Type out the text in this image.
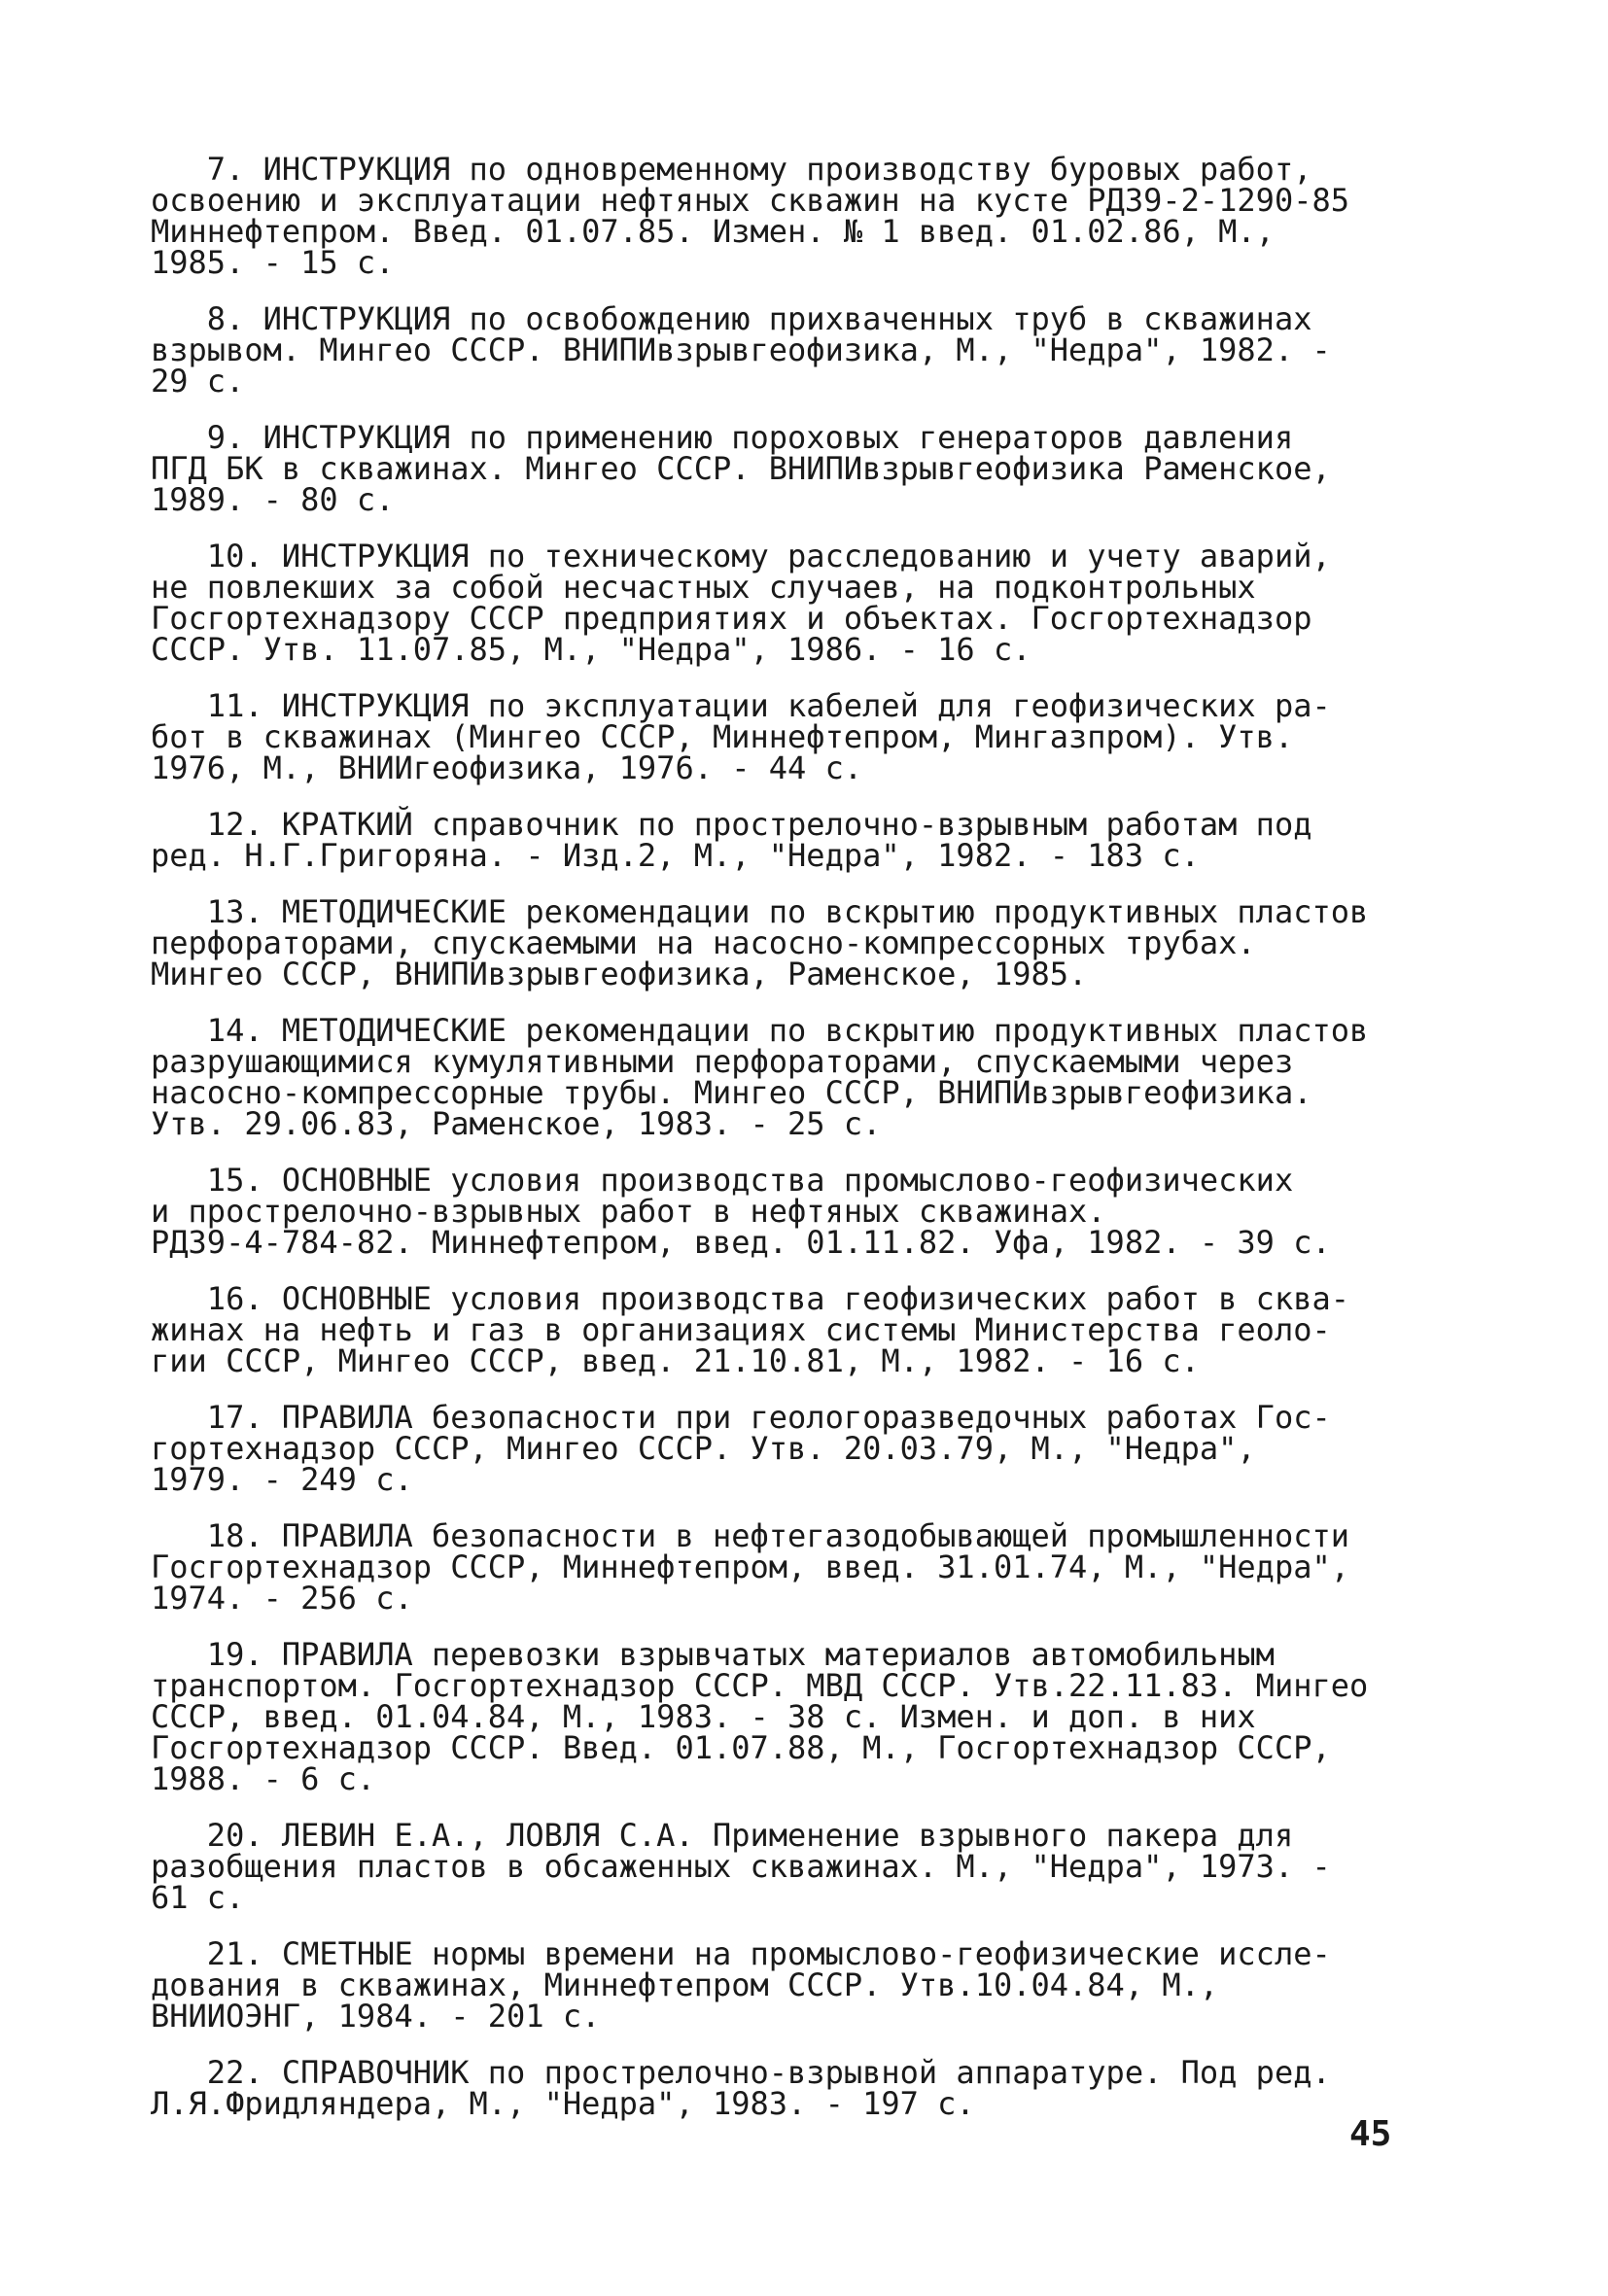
7. ИНСТРУКЦИЯ по одновременному производству буровых работ,
освоению и эксплуатации нефтяных скважин на кусте РД39-2-1290-85
Миннефтепром. Введ. 01.07.85. Измен. № 1 введ. 01.02.86, М.,
1985. - 15 с.
8. ИНСТРУКЦИЯ по освобождению прихваченных труб в скважинах
взрывом. Мингео СССР. ВНИПИвзрывгеофизика, М., "Недра", 1982. -
29 с.
9. ИНСТРУКЦИЯ по применению пороховых генераторов давления
ПГД БК в скважинах. Мингео СССР. ВНИПИвзрывгеофизика Раменское,
1989. - 80 с.
10. ИНСТРУКЦИЯ по техническому расследованию и учету аварий,
не повлекших за собой несчастных случаев, на подконтрольных
Госгортехнадзору СССР предприятиях и объектах. Госгортехнадзор
СССР. Утв. 11.07.85, М., "Недра", 1986. - 16 с.
11. ИНСТРУКЦИЯ по эксплуатации кабелей для геофизических ра-
бот в скважинах (Мингео СССР, Миннефтепром, Мингазпром). Утв.
1976, М., ВНИИгеофизика, 1976. - 44 с.
12. КРАТКИЙ справочник по прострелочно-взрывным работам под
ред. Н.Г.Григоряна. - Изд.2, М., "Недра", 1982. - 183 с.
13. МЕТОДИЧЕСКИЕ рекомендации по вскрытию продуктивных пластов
перфораторами, спускаемыми на насосно-компрессорных трубах.
Мингео СССР, ВНИПИвзрывгеофизика, Раменское, 1985.
14. МЕТОДИЧЕСКИЕ рекомендации по вскрытию продуктивных пластов
разрушающимися кумулятивными перфораторами, спускаемыми через
насосно-компрессорные трубы. Мингео СССР, ВНИПИвзрывгеофизика.
Утв. 29.06.83, Раменское, 1983. - 25 с.
15. ОСНОВНЫЕ условия производства промыслово-геофизических
и прострелочно-взрывных работ в нефтяных скважинах.
РД39-4-784-82. Миннефтепром, введ. 01.11.82. Уфа, 1982. - 39 с.
16. ОСНОВНЫЕ условия производства геофизических работ в сква-
жинах на нефть и газ в организациях системы Министерства геоло-
гии СССР, Мингео СССР, введ. 21.10.81, М., 1982. - 16 с.
17. ПРАВИЛА безопасности при геологоразведочных работах Гос-
гортехнадзор СССР, Мингео СССР. Утв. 20.03.79, М., "Недра",
1979. - 249 с.
18. ПРАВИЛА безопасности в нефтегазодобывающей промышленности
Госгортехнадзор СССР, Миннефтепром, введ. 31.01.74, М., "Недра",
1974. - 256 с.
19. ПРАВИЛА перевозки взрывчатых материалов автомобильным
транспортом. Госгортехнадзор СССР. МВД СССР. Утв.22.11.83. Мингео
СССР, введ. 01.04.84, М., 1983. - 38 с. Измен. и доп. в них
Госгортехнадзор СССР. Введ. 01.07.88, М., Госгортехнадзор СССР,
1988. - 6 с.
20. ЛЕВИН Е.А., ЛОВЛЯ С.А. Применение взрывного пакера для
разобщения пластов в обсаженных скважинах. М., "Недра", 1973. -
61 с.
21. СМЕТНЫЕ нормы времени на промыслово-геофизические иссле-
дования в скважинах, Миннефтепром СССР. Утв.10.04.84, М.,
ВНИИОЭНГ, 1984. - 201 с.
22. СПРАВОЧНИК по прострелочно-взрывной аппаратуре. Под ред.
Л.Я.Фридляндера, М., "Недра", 1983. - 197 с.
45
